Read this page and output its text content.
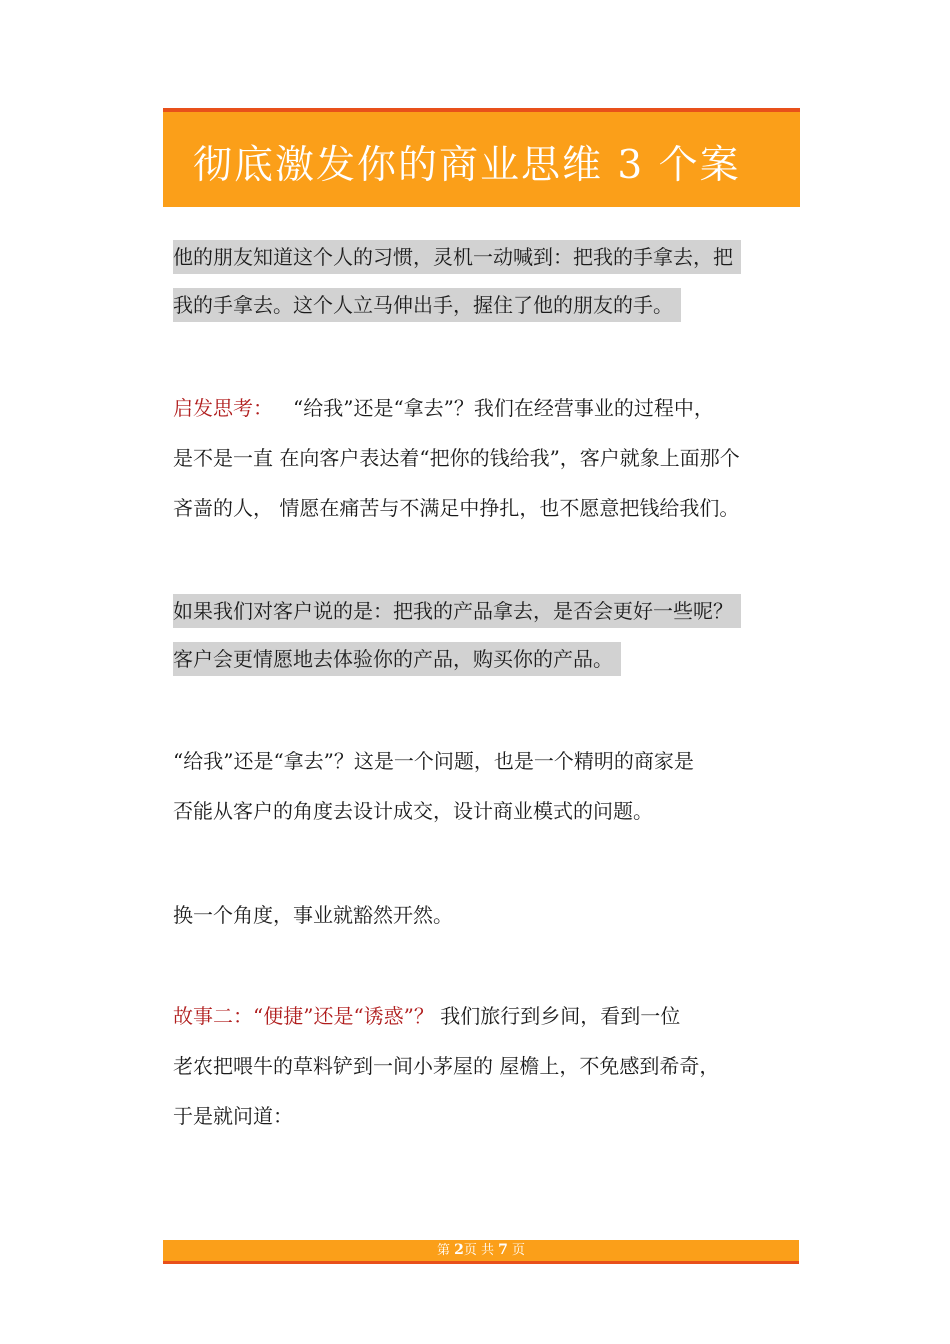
彻底激发你的商业思维 3 个案
他的朋友知道这个人的习惯，灵机一动喊到：把我的手拿去，把
我的手拿去。这个人立马伸出手，握住了他的朋友的手。
启发思考： “给我”还是“拿去”？我们在经营事业的过程中，
是不是一直 在向客户表达着“把你的钱给我”，客户就象上面那个
吝啬的人， 情愿在痛苦与不满足中挣扎，也不愿意把钱给我们。
如果我们对客户说的是：把我的产品拿去，是否会更好一些呢？
客户会更情愿地去体验你的产品，购买你的产品。
“给我”还是“拿去”？这是一个问题，也是一个精明的商家是
否能从客户的角度去设计成交，设计商业模式的问题。
换一个角度，事业就豁然开然。
故事二：“便捷”还是“诱惑”？ 我们旅行到乡间，看到一位
老农把喂牛的草料铲到一间小茅屋的 屋檐上，不免感到希奇，
于是就问道：
第 2页 共 7 页
